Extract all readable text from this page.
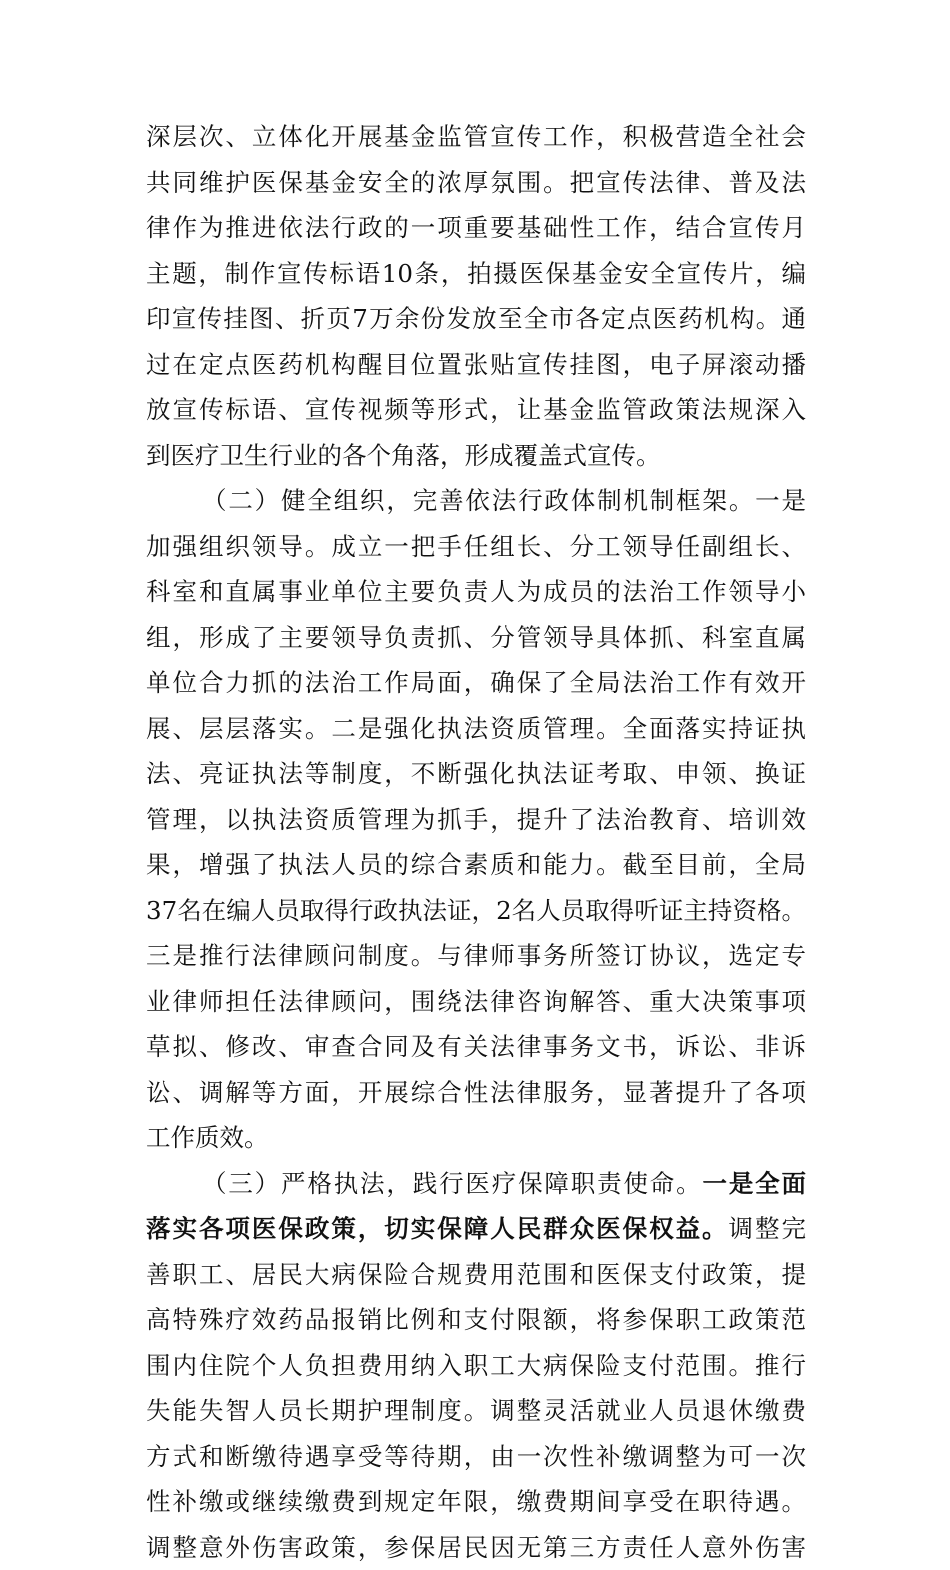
深层次、立体化开展基金监管宣传工作，积极营造全社会
共同维护医保基金安全的浓厚氛围。把宣传法律、普及法
律作为推进依法行政的一项重要基础性工作，结合宣传月
主题，制作宣传标语10条，拍摄医保基金安全宣传片，编
印宣传挂图、折页7万余份发放至全市各定点医药机构。通
过在定点医药机构醒目位置张贴宣传挂图，电子屏滚动播
放宣传标语、宣传视频等形式，让基金监管政策法规深入
到医疗卫生行业的各个角落，形成覆盖式宣传。
（二）健全组织，完善依法行政体制机制框架。一是
加强组织领导。成立一把手任组长、分工领导任副组长、
科室和直属事业单位主要负责人为成员的法治工作领导小
组，形成了主要领导负责抓、分管领导具体抓、科室直属
单位合力抓的法治工作局面，确保了全局法治工作有效开
展、层层落实。二是强化执法资质管理。全面落实持证执
法、亮证执法等制度，不断强化执法证考取、申领、换证
管理，以执法资质管理为抓手，提升了法治教育、培训效
果，增强了执法人员的综合素质和能力。截至目前，全局
37名在编人员取得行政执法证，2名人员取得听证主持资格。
三是推行法律顾问制度。与律师事务所签订协议，选定专
业律师担任法律顾问，围绕法律咨询解答、重大决策事项
草拟、修改、审查合同及有关法律事务文书，诉讼、非诉
讼、调解等方面，开展综合性法律服务，显著提升了各项
工作质效。
（三）严格执法，践行医疗保障职责使命。一是全面
落实各项医保政策，切实保障人民群众医保权益。调整完
善职工、居民大病保险合规费用范围和医保支付政策，提
高特殊疗效药品报销比例和支付限额，将参保职工政策范
围内住院个人负担费用纳入职工大病保险支付范围。推行
失能失智人员长期护理制度。调整灵活就业人员退休缴费
方式和断缴待遇享受等待期，由一次性补缴调整为可一次
性补缴或继续缴费到规定年限，缴费期间享受在职待遇。
调整意外伤害政策，参保居民因无第三方责任人意外伤害
